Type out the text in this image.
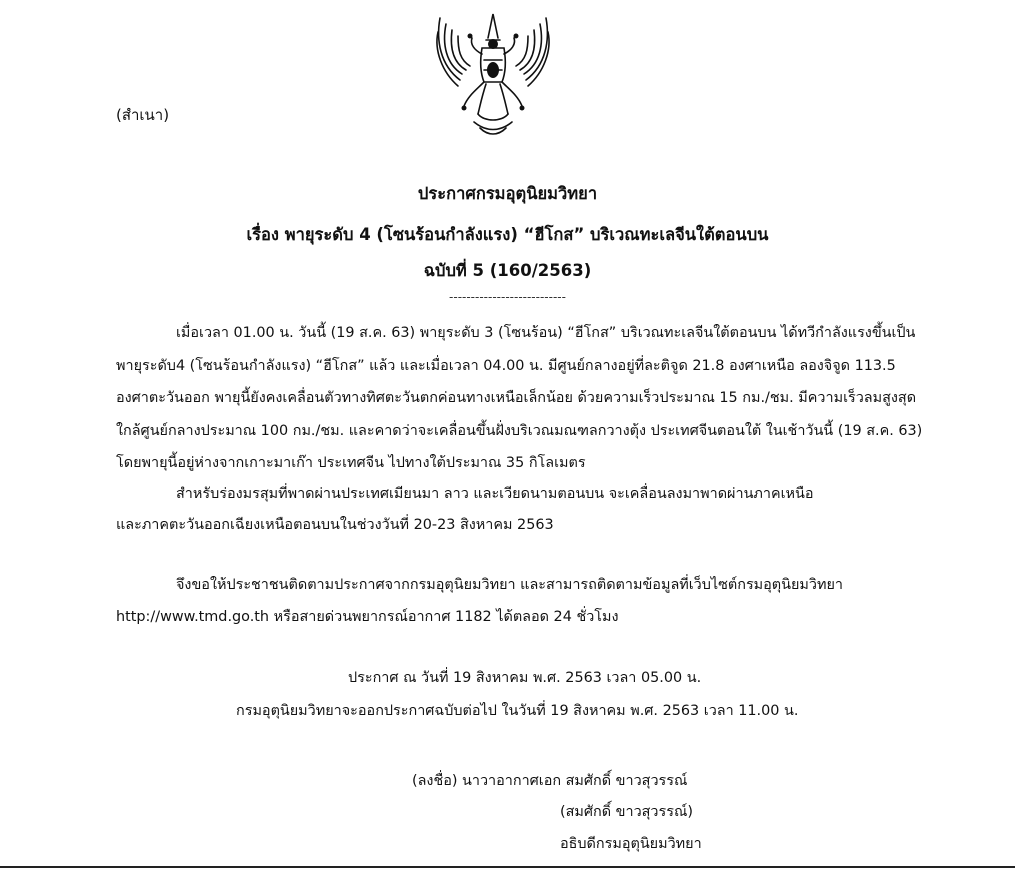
(สำเนา)
ประกาศกรมอุตุนิยมวิทยา
เรื่อง พายุระดับ 4 (โซนร้อนกำลังแรง) “ฮีโกส” บริเวณทะเลจีนใต้ตอนบน
ฉบับที่ 5 (160/2563)
---------------------------
เมื่อเวลา 01.00 น. วันนี้ (19 ส.ค. 63) พายุระดับ 3 (โซนร้อน) “ฮีโกส” บริเวณทะเลจีนใต้ตอนบน ได้ทวีกำลังแรงขึ้นเป็น
พายุระดับ4 (โซนร้อนกำลังแรง) “ฮีโกส” แล้ว และเมื่อเวลา 04.00 น. มีศูนย์กลางอยู่ที่ละติจูด 21.8 องศาเหนือ ลองจิจูด 113.5
องศาตะวันออก พายุนี้ยังคงเคลื่อนตัวทางทิศตะวันตกค่อนทางเหนือเล็กน้อย ด้วยความเร็วประมาณ 15 กม./ชม. มีความเร็วลมสูงสุด
ใกล้ศูนย์กลางประมาณ 100 กม./ชม. และคาดว่าจะเคลื่อนขึ้นฝั่งบริเวณมณฑลกวางตุ้ง ประเทศจีนตอนใต้ ในเช้าวันนี้ (19 ส.ค. 63)
โดยพายุนี้อยู่ห่างจากเกาะมาเก๊า ประเทศจีน ไปทางใต้ประมาณ 35 กิโลเมตร
สำหรับร่องมรสุมที่พาดผ่านประเทศเมียนมา ลาว และเวียดนามตอนบน จะเคลื่อนลงมาพาดผ่านภาคเหนือ
และภาคตะวันออกเฉียงเหนือตอนบนในช่วงวันที่ 20-23 สิงหาคม 2563
จึงขอให้ประชาชนติดตามประกาศจากกรมอุตุนิยมวิทยา และสามารถติดตามข้อมูลที่เว็บไซต์กรมอุตุนิยมวิทยา
http://www.tmd.go.th หรือสายด่วนพยากรณ์อากาศ 1182 ได้ตลอด 24 ชั่วโมง
ประกาศ ณ วันที่ 19 สิงหาคม พ.ศ. 2563 เวลา 05.00 น.
กรมอุตุนิยมวิทยาจะออกประกาศฉบับต่อไป ในวันที่ 19 สิงหาคม พ.ศ. 2563 เวลา 11.00 น.
(ลงชื่อ) นาวาอากาศเอก สมศักดิ์ ขาวสุวรรณ์
(สมศักดิ์ ขาวสุวรรณ์)
อธิบดีกรมอุตุนิยมวิทยา
